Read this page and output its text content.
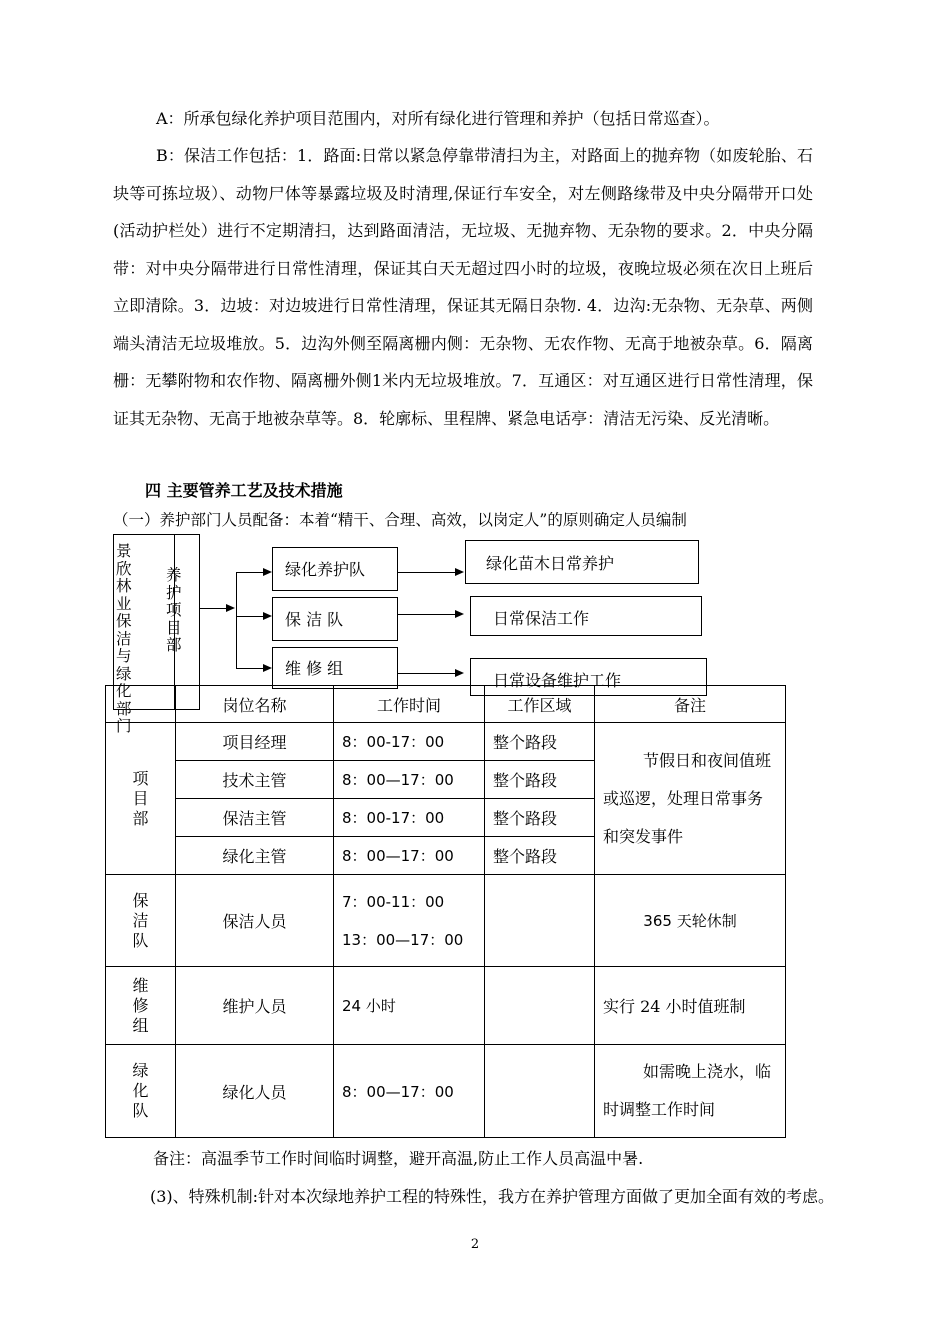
A：所承包绿化养护项目范围内，对所有绿化进行管理和养护（包括日常巡查）。
B：保洁工作包括：1．路面:日常以紧急停靠带清扫为主，对路面上的抛弃物（如废轮胎、石块等可拣垃圾）、动物尸体等暴露垃圾及时清理,保证行车安全，对左侧路缘带及中央分隔带开口处(活动护栏处）进行不定期清扫，达到路面清洁，无垃圾、无抛弃物、无杂物的要求。2．中央分隔带：对中央分隔带进行日常性清理，保证其白天无超过四小时的垃圾，夜晚垃圾必须在次日上班后立即清除。3．边坡：对边坡进行日常性清理，保证其无隔日杂物. 4．边沟:无杂物、无杂草、两侧端头清洁无垃圾堆放。5．边沟外侧至隔离栅内侧：无杂物、无农作物、无高于地被杂草。6．隔离栅：无攀附物和农作物、隔离栅外侧1米内无垃圾堆放。7．互通区：对互通区进行日常性清理，保证其无杂物、无高于地被杂草等。8．轮廓标、里程牌、紧急电话亭：清洁无污染、反光清晰。
四 主要管养工艺及技术措施
（一）养护部门人员配备：本着“精干、合理、高效，以岗定人”的原则确定人员编制
景欣林业保洁与绿化部门
养护项目部
绿化养护队
保 洁 队
维 修 组
绿化苗木日常养护
日常保洁工作
日常设备维护工作
	岗位名称	工作时间	工作区域	备注

项目部	项目经理	8：00-17：00	整个路段	节假日和夜间值班或巡逻，处理日常事务和突发事件
	技术主管	8：00—17：00	整个路段	
	保洁主管	8：00-17：00	整个路段	
	绿化主管	8：00—17：00	整个路段	

保洁队	保洁人员	7：00-11：00
13：00—17：00		365 天轮休制

维修组	维护人员	24 小时		实行 24 小时值班制

绿化队	绿化人员	8：00—17：00		如需晚上浇水，临时调整工作时间
备注：高温季节工作时间临时调整，避开高温,防止工作人员高温中暑.
(3)、特殊机制:针对本次绿地养护工程的特殊性，我方在养护管理方面做了更加全面有效的考虑。
2
